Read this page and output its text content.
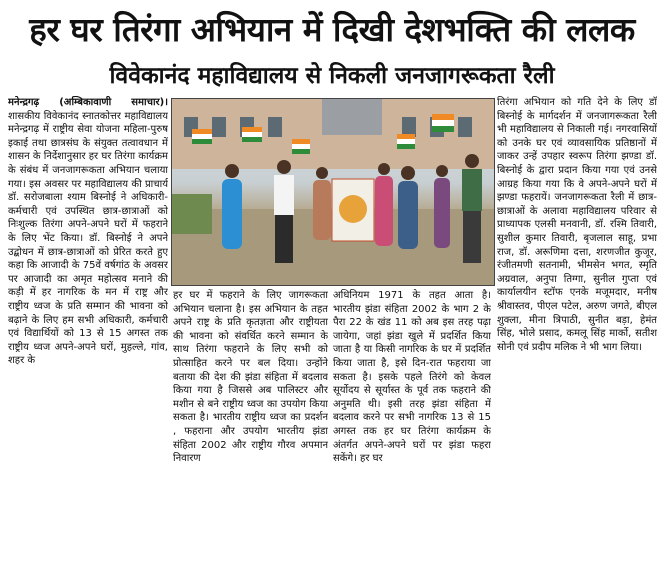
हर घर तिरंगा अभियान में दिखी देशभक्ति की ललक
विवेकानंद महाविद्यालय से निकली जनजागरूकता रैली

मनेन्द्रगढ़ (अम्बिकावाणी समाचार)। शासकीय विवेकानंद स्नातकोत्तर महाविद्यालय मनेन्द्रगढ़ में राष्ट्रीय सेवा योजना महिला-पुरुष इकाई तथा छात्रसंघ के संयुक्त तत्वावधान में शासन के निर्देशानुसार हर घर तिरंगा कार्यक्रम के संबंध में जनजागरूकता अभियान चलाया गया। इस अवसर पर महाविद्यालय की प्राचार्य डॉ. सरोजबाला श्याम बिस्नोई ने अधिकारी-कर्मचारी एवं उपस्थित छात्र-छात्राओं को निःशुल्क तिरंगा अपने-अपने घरों में फहराने के लिए भेंट किया। डॉ. बिस्नोई ने अपने उद्बोधन में छात्र-छात्राओं को प्रेरित करते हुए कहा कि आजादी के 75वें वर्षगांठ के अवसर पर आजादी का अमृत महोत्सव मनाने की कड़ी में हर नागरिक के मन में राष्ट्र और राष्ट्रीय ध्वज के प्रति सम्मान की भावना को बढ़ाने के लिए हम सभी अधिकारी, कर्मचारी एवं विद्यार्थियों को 13 से 15 अगस्त तक राष्ट्रीय ध्वज अपने-अपने घरों, मुहल्ले, गांव, शहर के

हर घर में फहराने के लिए जागरूकता अभियान चलाना है। इस अभियान के तहत अपने राष्ट्र के प्रति कृतज्ञता और राष्ट्रीयता की भावना को संवर्धित करने सम्मान के साथ तिरंगा फहराने के लिए सभी को प्रोत्साहित करने पर बल दिया। उन्होंने बताया की देश की झंडा संहिता में बदलाव किया गया है जिससे अब पालिस्टर और मशीन से बने राष्ट्रीय ध्वज का उपयोग किया सकता है। भारतीय राष्ट्रीय ध्वज का प्रदर्शन , फहराना और उपयोग भारतीय झंडा संहिता 2002 और राष्ट्रीय गौरव अपमान निवारण

अधिनियम 1971 के तहत आता है। भारतीय झंडा संहिता 2002 के भाग 2 के पैरा 22 के खंड 11 को अब इस तरह पढ़ा जायेगा, जहां झंडा खुले में प्रदर्शित किया जाता है या किसी नागरिक के घर में प्रदर्शित किया जाता है, इसे दिन-रात फहराया जा सकता है। इसके पहले तिरंगे को केवल सूर्योदय से सूर्यास्त के पूर्व तक फहराने की अनुमति थी। इसी तरह झंडा संहिता में बदलाव करने पर सभी नागरिक 13 से 15 अगस्त तक हर घर तिरंगा कार्यक्रम के अंतर्गत अपने-अपने घरों पर झंडा फहरा सकेंगे। हर घर

तिरंगा अभियान को गति देने के लिए डॉ बिस्नोई के मार्गदर्शन में जनजागरूकता रैली भी महाविद्यालय से निकाली गई। नगरवासियों को उनके घर एवं व्यावसायिक प्रतिष्ठानों में जाकर उन्हें उपहार स्वरूप तिरंगा झण्डा डॉ. बिस्नोई के द्वारा प्रदान किया गया एवं उनसे आग्रह किया गया कि वे अपने-अपने घरों में झण्डा फहरायें। जनजागरूकता रैली में छात्र-छात्राओं के अलावा महाविद्यालय परिवार से प्राध्यापक एलसी मनवानी, डॉ. रश्मि तिवारी, सुशील कुमार तिवारी, बृजलाल साहू, प्रभा राज, डॉ. अरूणिमा दत्ता, शरणजीत कुजूर, रंजीतमणी सतनामी, भीमसेन भगत, स्मृति अग्रवाल, अनुपा तिग्गा, सुनील गुप्ता एवं कार्यालयीन स्टॉफ एनके मजूमदार, मनीष श्रीवास्तव, पीएल पटेल, अरुण जगते, बीएल शुक्ला, मीना त्रिपाठी, सुनीत बड़ा, हेमंत सिंह, भोले प्रसाद, कमलू सिंह मार्को, सतीश सोनी एवं प्रदीप मलिक ने भी भाग लिया।
